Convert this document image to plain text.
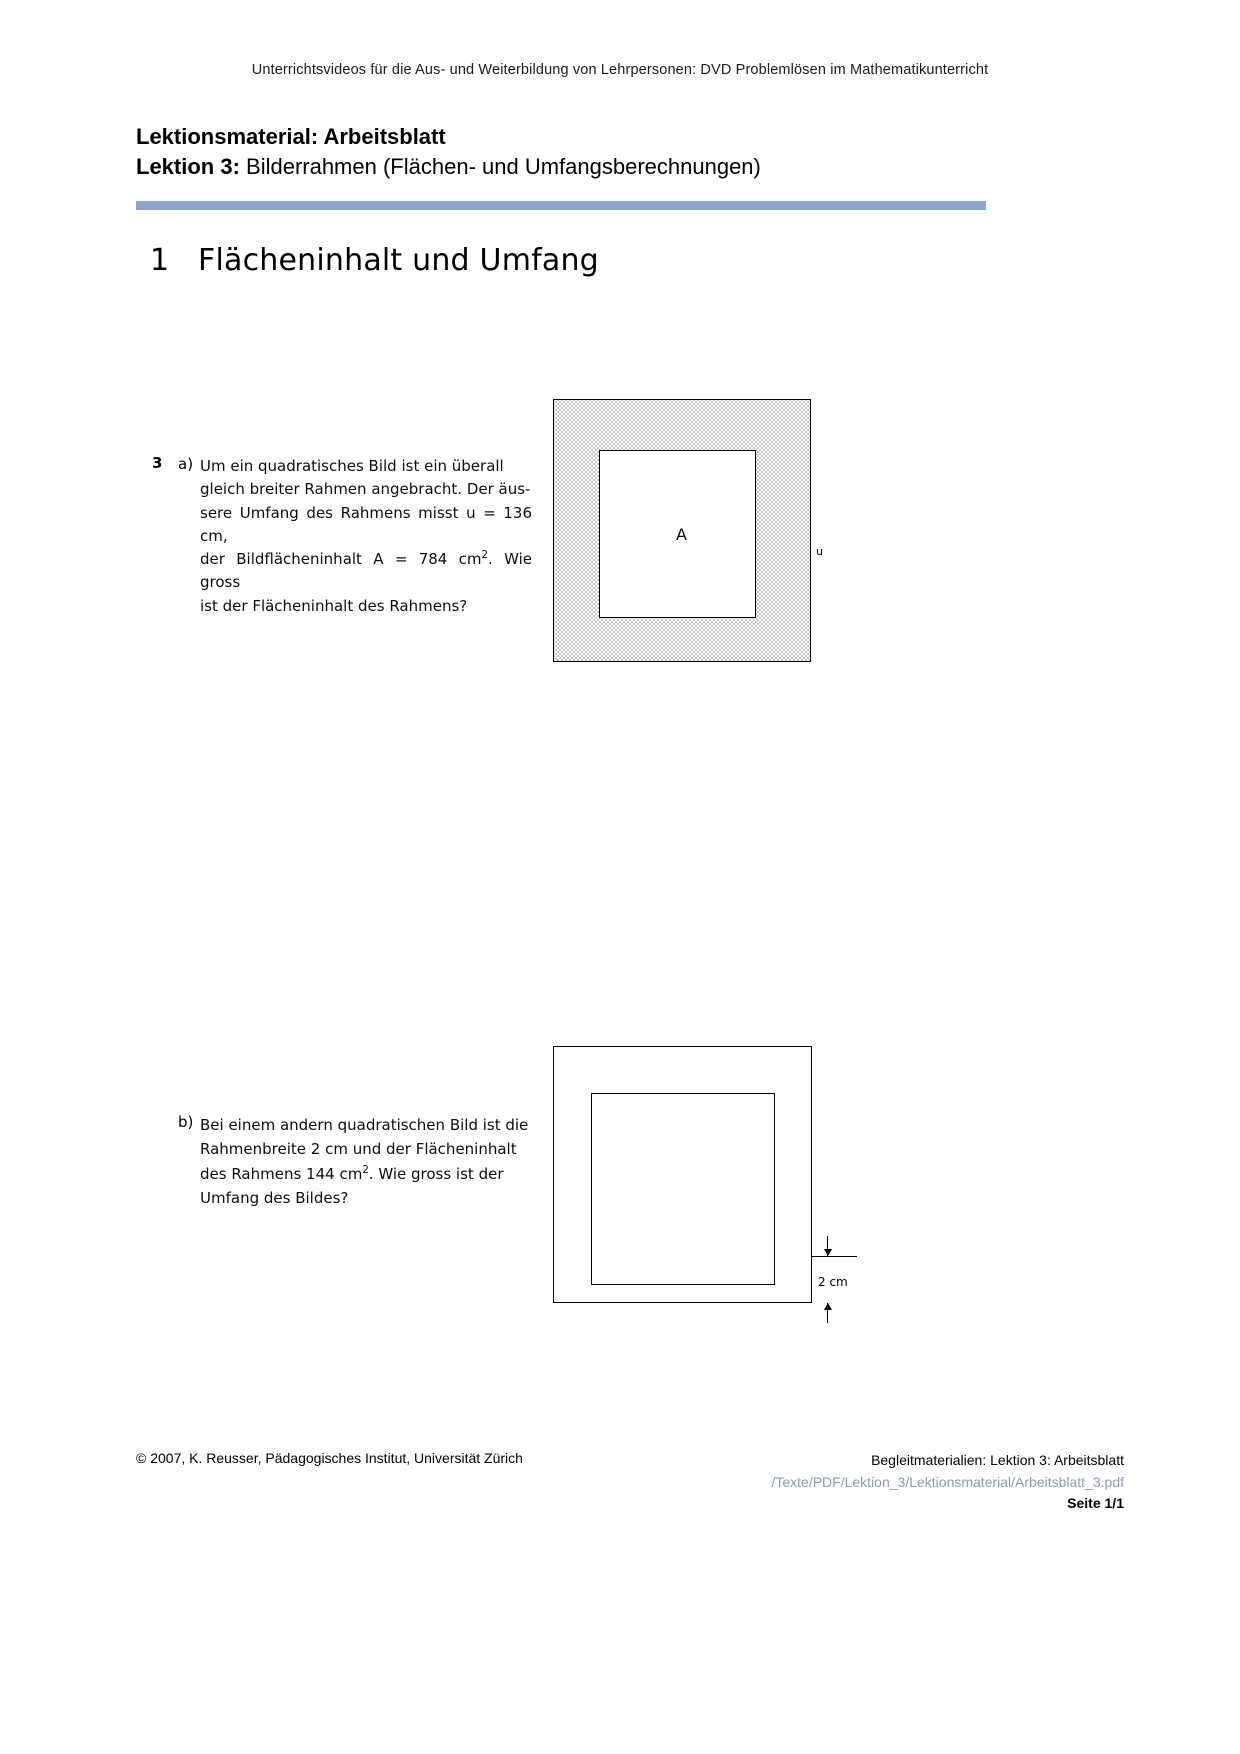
Unterrichtsvideos für die Aus- und Weiterbildung von Lehrpersonen: DVD Problemlösen im Mathematikunterricht
Lektionsmaterial: Arbeitsblatt
Lektion 3: Bilderrahmen (Flächen- und Umfangsberechnungen)
1 Flächeninhalt und Umfang
3 a) Um ein quadratisches Bild ist ein überall
gleich breiter Rahmen angebracht. Der äus-
sere Umfang des Rahmens misst u = 136 cm,
der Bildflächeninhalt A = 784 $cm^2$. Wie gross
ist der Flächeninhalt des Rahmens?
A
u
b) Bei einem andern quadratischen Bild ist die
Rahmenbreite 2 cm und der Flächeninhalt
des Rahmens 144 $cm^2$. Wie gross ist der
Umfang des Bildes?
2 cm
© 2007, K. Reusser, Pädagogisches Institut, Universität Zürich	Begleitmaterialien: Lektion 3: Arbeitsblatt
/Texte/PDF/Lektion_3/Lektionsmaterial/Arbeitsblatt_3.pdf
Seite 1/1
